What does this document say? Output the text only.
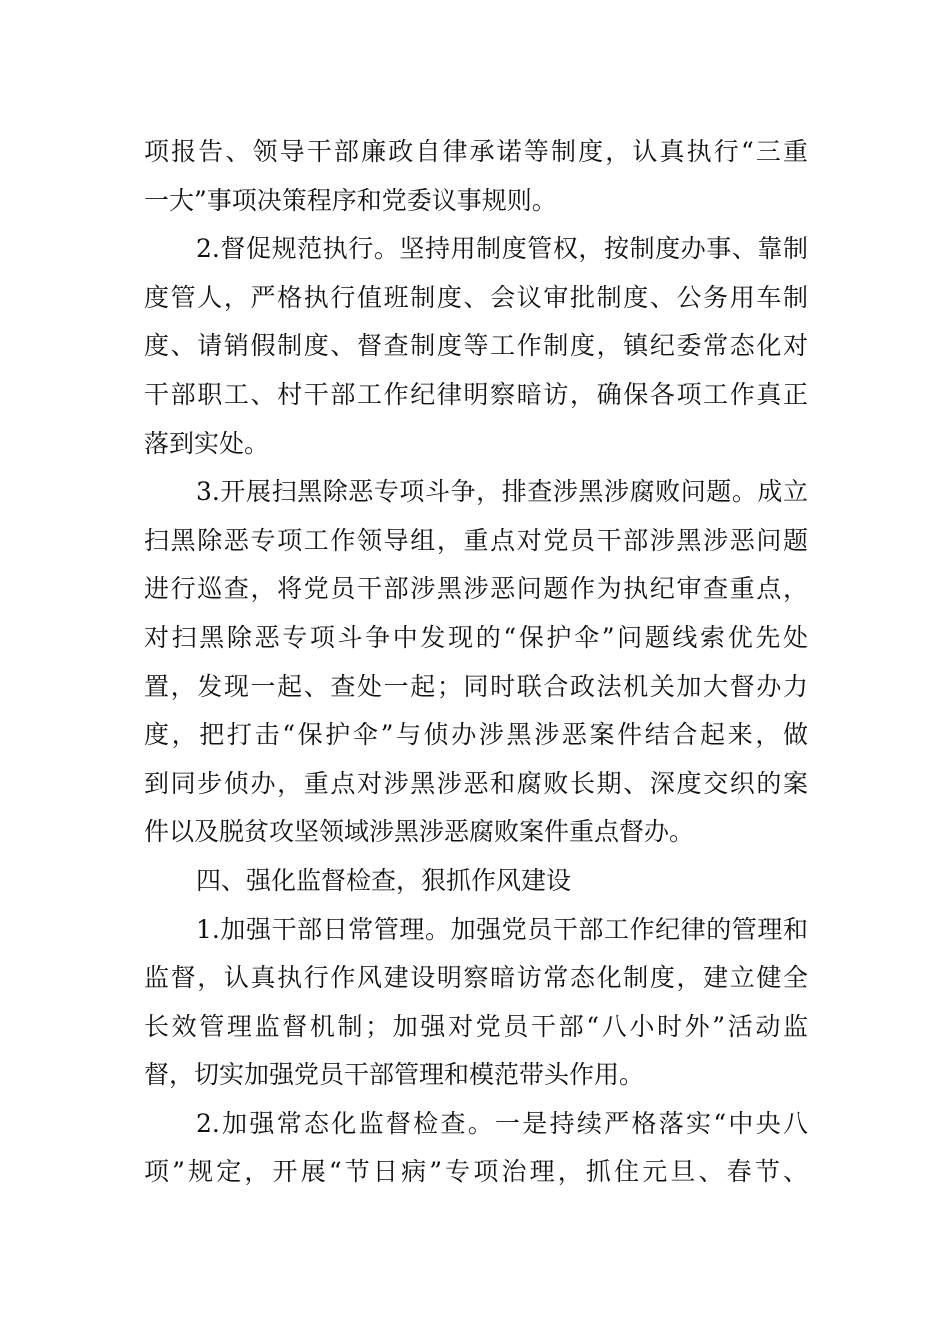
项报告、领导干部廉政自律承诺等制度，认真执行“三重
一大”事项决策程序和党委议事规则。
2.督促规范执行。坚持用制度管权，按制度办事、靠制
度管人，严格执行值班制度、会议审批制度、公务用车制
度、请销假制度、督查制度等工作制度，镇纪委常态化对
干部职工、村干部工作纪律明察暗访，确保各项工作真正
落到实处。
3.开展扫黑除恶专项斗争，排查涉黑涉腐败问题。成立
扫黑除恶专项工作领导组，重点对党员干部涉黑涉恶问题
进行巡查，将党员干部涉黑涉恶问题作为执纪审查重点，
对扫黑除恶专项斗争中发现的“保护伞”问题线索优先处
置，发现一起、查处一起；同时联合政法机关加大督办力
度，把打击“保护伞”与侦办涉黑涉恶案件结合起来，做
到同步侦办，重点对涉黑涉恶和腐败长期、深度交织的案
件以及脱贫攻坚领域涉黑涉恶腐败案件重点督办。
四、强化监督检查，狠抓作风建设
1.加强干部日常管理。加强党员干部工作纪律的管理和
监督，认真执行作风建设明察暗访常态化制度，建立健全
长效管理监督机制；加强对党员干部“八小时外”活动监
督，切实加强党员干部管理和模范带头作用。
2.加强常态化监督检查。一是持续严格落实“中央八
项”规定，开展“节日病”专项治理，抓住元旦、春节、
